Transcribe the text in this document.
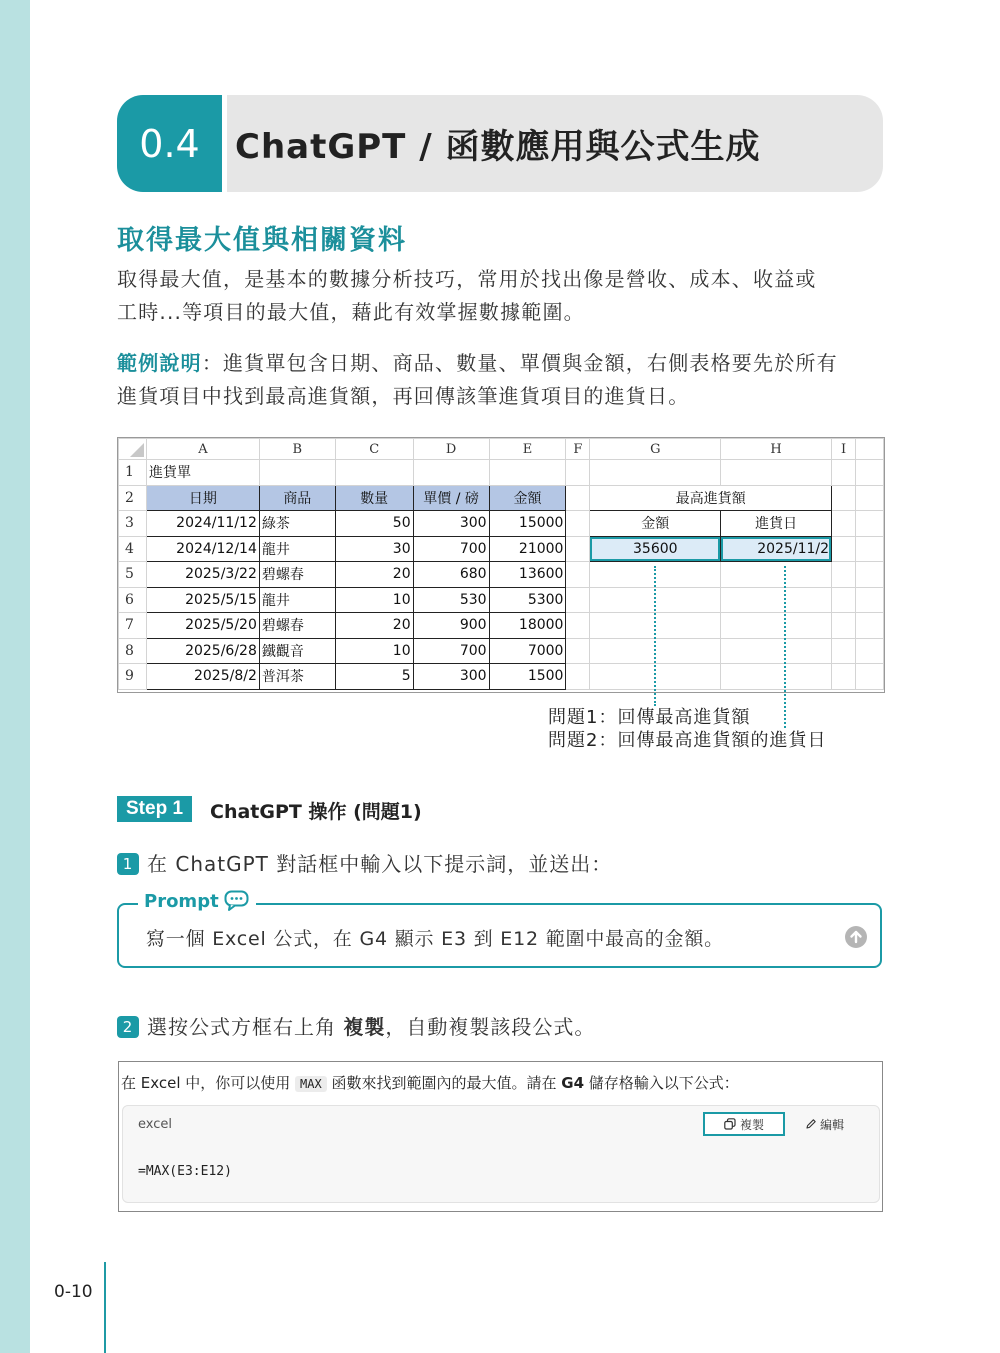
0-10
0.4	ChatGPT / 函數應用與公式生成
取得最大值與相關資料
取得最大值，是基本的數據分析技巧，常用於找出像是營收、成本、收益或
工時...等項目的最大值，藉此有效掌握數據範圍。
範例說明：進貨單包含日期、商品、數量、單價與金額，右側表格要先於所有
進貨項目中找到最高進貨額，再回傳該筆進貨項目的進貨日。
	A	B	C	D	E	F	G	H	I	
1	進貨單									
2	日期	商品	數量	單價 / 磅	金額		最高進貨額			
3	2024/11/12	綠茶	50	300	15000		金額	進貨日		
4	2024/12/14	龍井	30	700	21000		35600	2025/11/2		
5	2025/3/22	碧螺春	20	680	13600					
6	2025/5/15	龍井	10	530	5300					
7	2025/5/20	碧螺春	20	900	18000					
8	2025/6/28	鐵觀音	10	700	7000					
9	2025/8/2	普洱茶	5	300	1500					
問題1：回傳最高進貨額
問題2：回傳最高進貨額的進貨日
Step 1	ChatGPT 操作 (問題1)
1 在 ChatGPT 對話框中輸入以下提示詞，並送出：
Prompt
寫一個 Excel 公式，在 G4 顯示 E3 到 E12 範圍中最高的金額。
2 選按公式方框右上角 複製，自動複製該段公式。
在 Excel 中，你可以使用 MAX 函數來找到範圍內的最大值。請在 G4 儲存格輸入以下公式：
excel	複製	編輯
=MAX(E3:E12)
